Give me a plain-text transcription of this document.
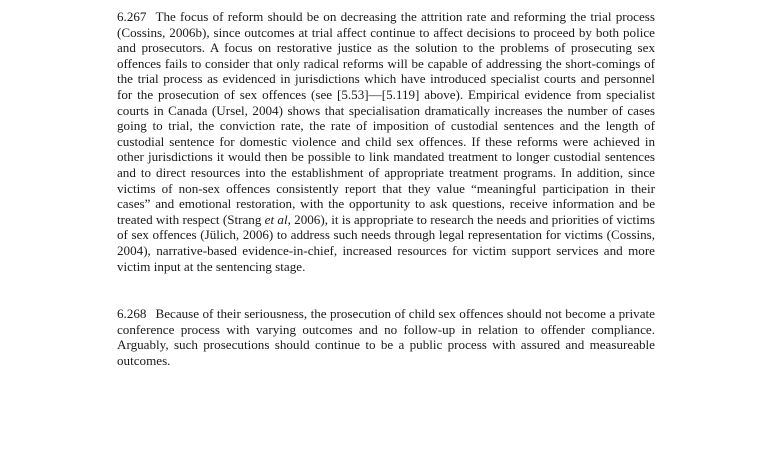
6.267 The focus of reform should be on decreasing the attrition rate and reforming the trial process (Cossins, 2006b), since outcomes at trial affect continue to affect decisions to proceed by both police and prosecutors. A focus on restorative justice as the solution to the problems of prosecuting sex offences fails to consider that only radical reforms will be capable of addressing the short-comings of the trial process as evidenced in jurisdictions which have introduced specialist courts and personnel for the prosecution of sex offences (see [5.53]—[5.119] above). Empirical evidence from specialist courts in Canada (Ursel, 2004) shows that specialisation dramatically increases the number of cases going to trial, the conviction rate, the rate of imposition of custodial sentences and the length of custodial sentence for domestic violence and child sex offences. If these reforms were achieved in other jurisdictions it would then be possible to link mandated treatment to longer custodial sentences and to direct resources into the establishment of appropriate treatment programs. In addition, since victims of non-sex offences consistently report that they value “meaningful participation in their cases” and emotional restoration, with the opportunity to ask questions, receive information and be treated with respect (Strang et al, 2006), it is appropriate to research the needs and priorities of victims of sex offences (Jülich, 2006) to address such needs through legal representation for victims (Cossins, 2004), narrative-based evidence-in-chief, increased resources for victim support services and more victim input at the sentencing stage.

6.268 Because of their seriousness, the prosecution of child sex offences should not become a private conference process with varying outcomes and no follow-up in relation to offender compliance. Arguably, such prosecutions should continue to be a public process with assured and measureable outcomes.
